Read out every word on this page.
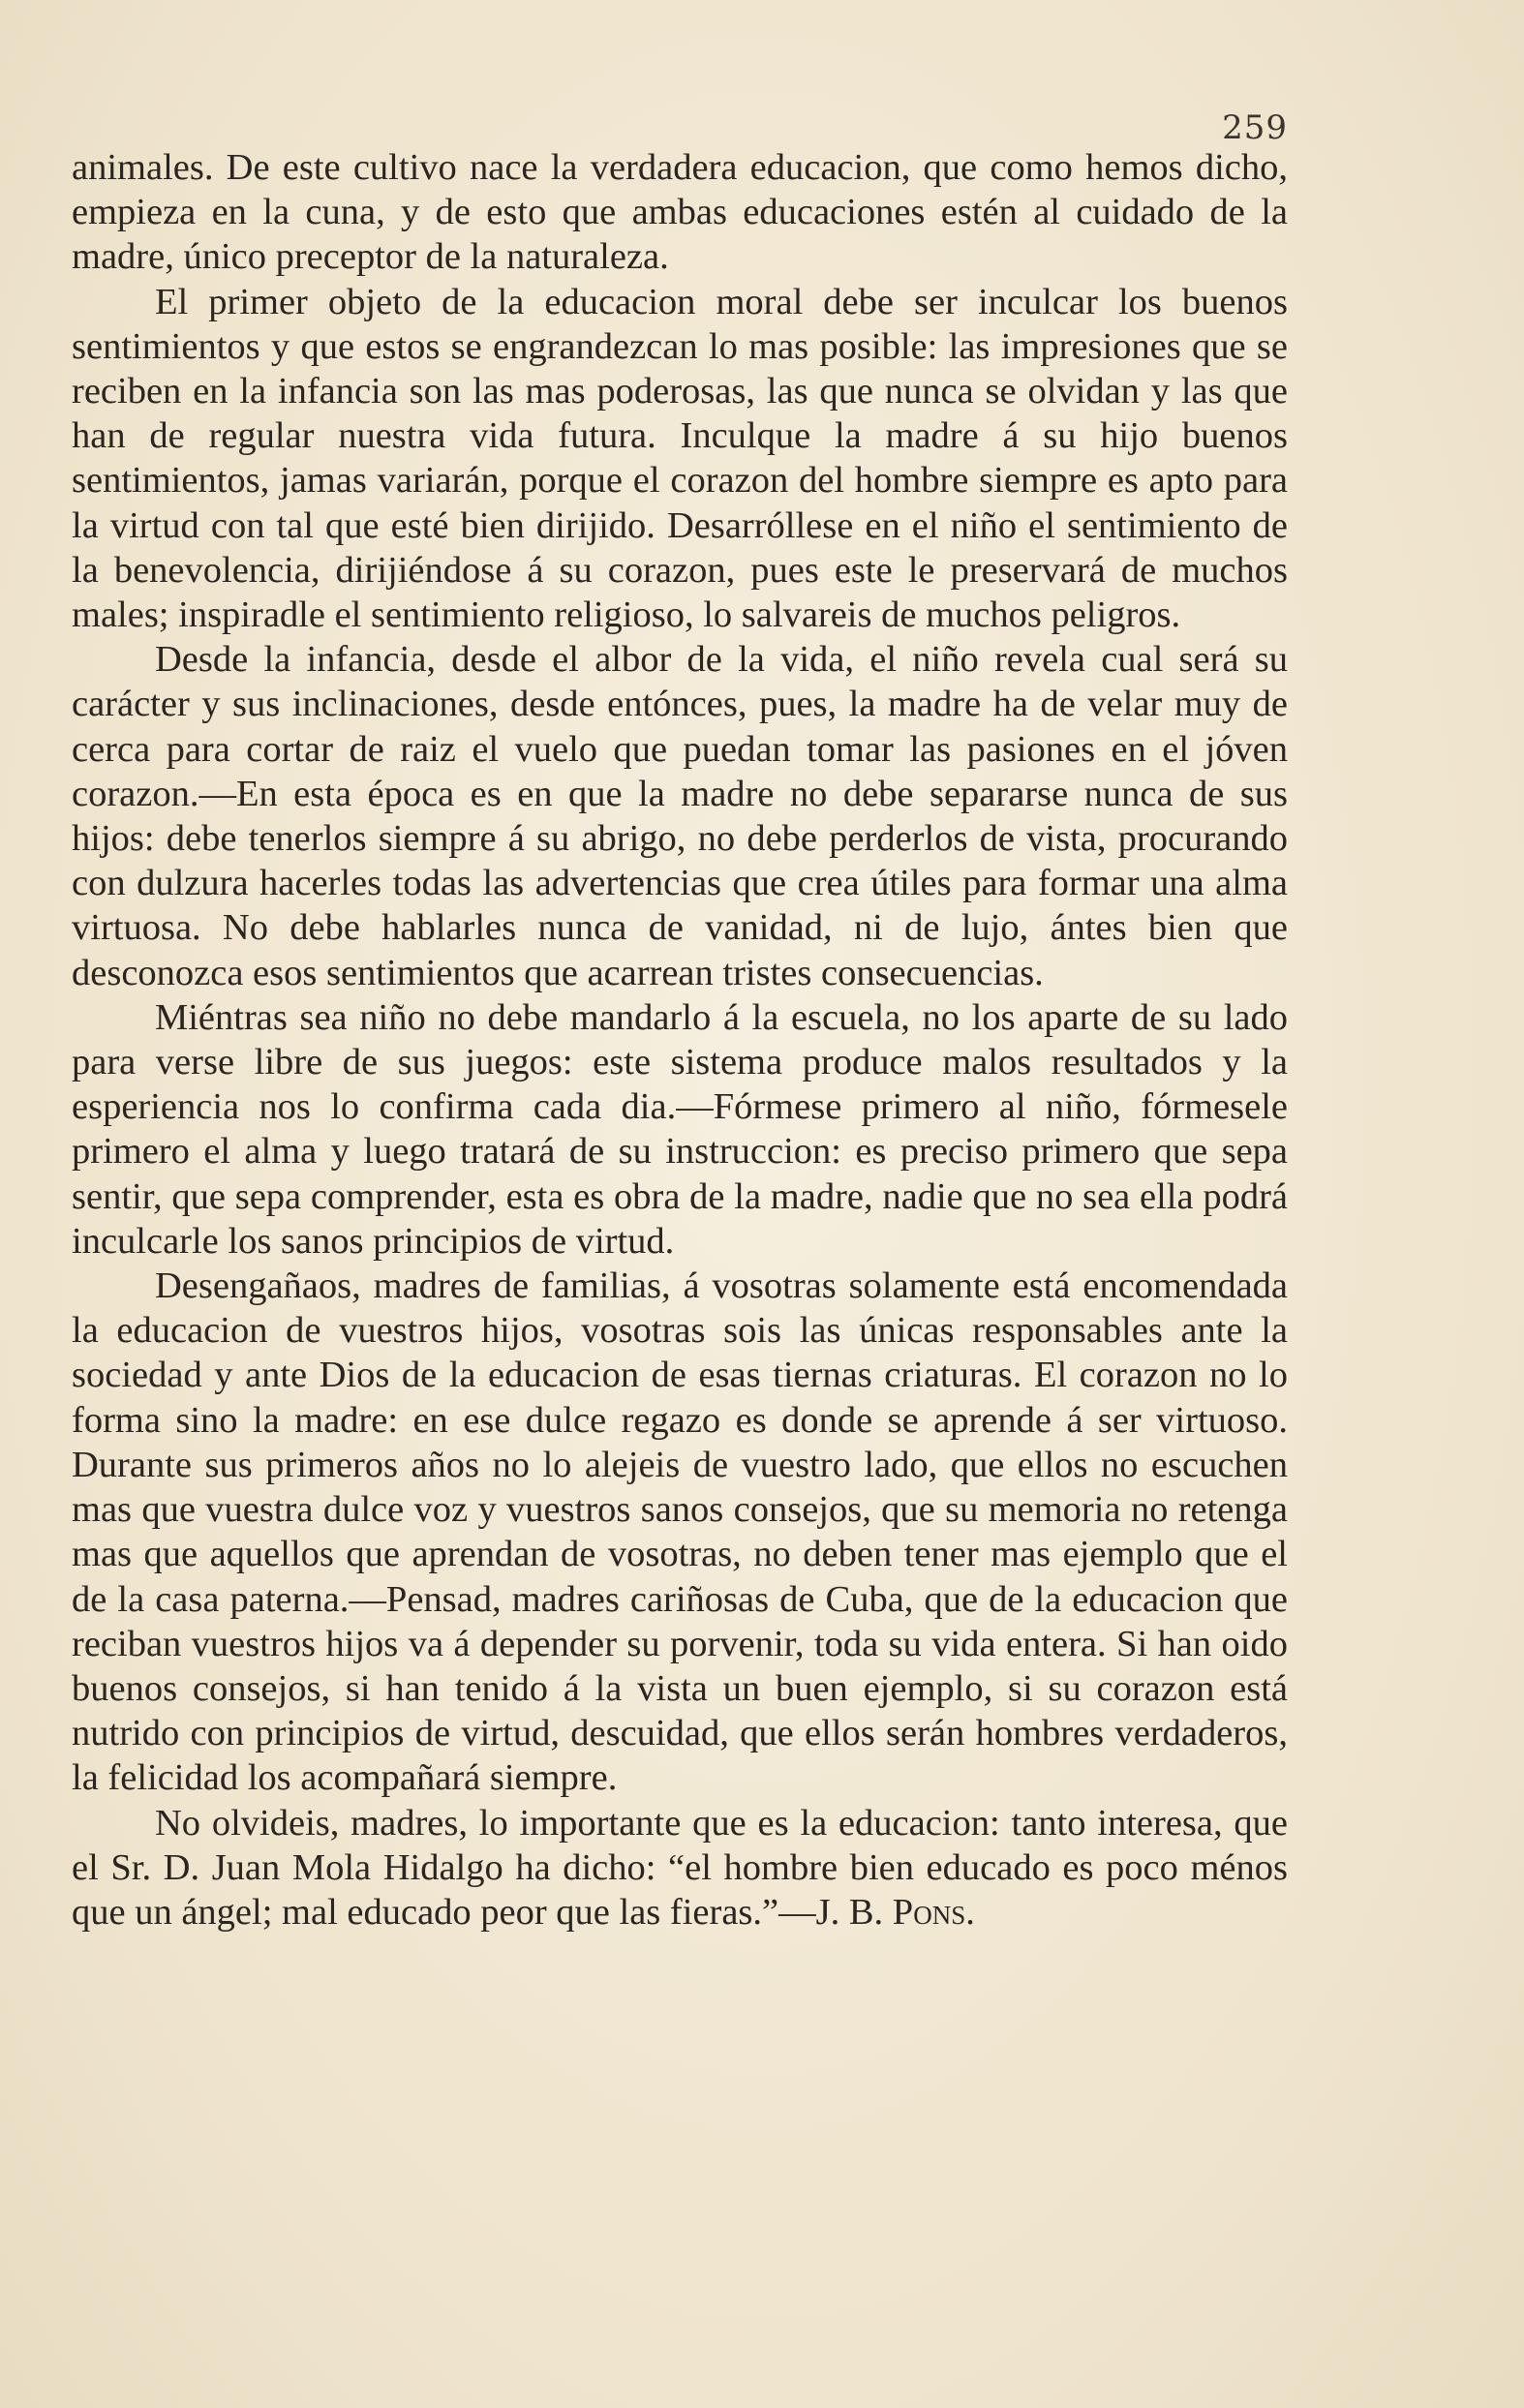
259

animales. De este cultivo nace la verdadera educacion, que como hemos dicho, empieza en la cuna, y de esto que ambas educaciones estén al cuidado de la madre, único preceptor de la naturaleza.

El primer objeto de la educacion moral debe ser inculcar los buenos sentimientos y que estos se engrandezcan lo mas posible: las impresiones que se reciben en la infancia son las mas poderosas, las que nunca se olvidan y las que han de regular nuestra vida futura. Inculque la madre á su hijo buenos sentimientos, jamas variarán, porque el corazon del hombre siempre es apto para la virtud con tal que esté bien dirijido. Desarróllese en el niño el sentimiento de la benevolencia, dirijiéndose á su corazon, pues este le preservará de muchos males; inspiradle el sentimiento religioso, lo salvareis de muchos peligros.

Desde la infancia, desde el albor de la vida, el niño revela cual será su carácter y sus inclinaciones, desde entónces, pues, la madre ha de velar muy de cerca para cortar de raiz el vuelo que puedan tomar las pasiones en el jóven corazon.—En esta época es en que la madre no debe separarse nunca de sus hijos: debe tenerlos siempre á su abrigo, no debe perderlos de vista, procurando con dulzura hacerles todas las advertencias que crea útiles para formar una alma virtuosa. No debe hablarles nunca de vanidad, ni de lujo, ántes bien que desconozca esos sentimientos que acarrean tristes consecuencias.

Miéntras sea niño no debe mandarlo á la escuela, no los aparte de su lado para verse libre de sus juegos: este sistema produce malos resultados y la esperiencia nos lo confirma cada dia.—Fórmese primero al niño, fórmesele primero el alma y luego tratará de su instruccion: es preciso primero que sepa sentir, que sepa comprender, esta es obra de la madre, nadie que no sea ella podrá inculcarle los sanos principios de virtud.

Desengañaos, madres de familias, á vosotras solamente está encomendada la educacion de vuestros hijos, vosotras sois las únicas responsables ante la sociedad y ante Dios de la educacion de esas tiernas criaturas. El corazon no lo forma sino la madre: en ese dulce regazo es donde se aprende á ser virtuoso. Durante sus primeros años no lo alejeis de vuestro lado, que ellos no escuchen mas que vuestra dulce voz y vuestros sanos consejos, que su memoria no retenga mas que aquellos que aprendan de vosotras, no deben tener mas ejemplo que el de la casa paterna.—Pensad, madres cariñosas de Cuba, que de la educacion que reciban vuestros hijos va á depender su porvenir, toda su vida entera. Si han oido buenos consejos, si han tenido á la vista un buen ejemplo, si su corazon está nutrido con principios de virtud, descuidad, que ellos serán hombres verdaderos, la felicidad los acompañará siempre.

No olvideis, madres, lo importante que es la educacion: tanto interesa, que el Sr. D. Juan Mola Hidalgo ha dicho: “el hombre bien educado es poco ménos que un ángel; mal educado peor que las fieras.”—J. B. Pons.
